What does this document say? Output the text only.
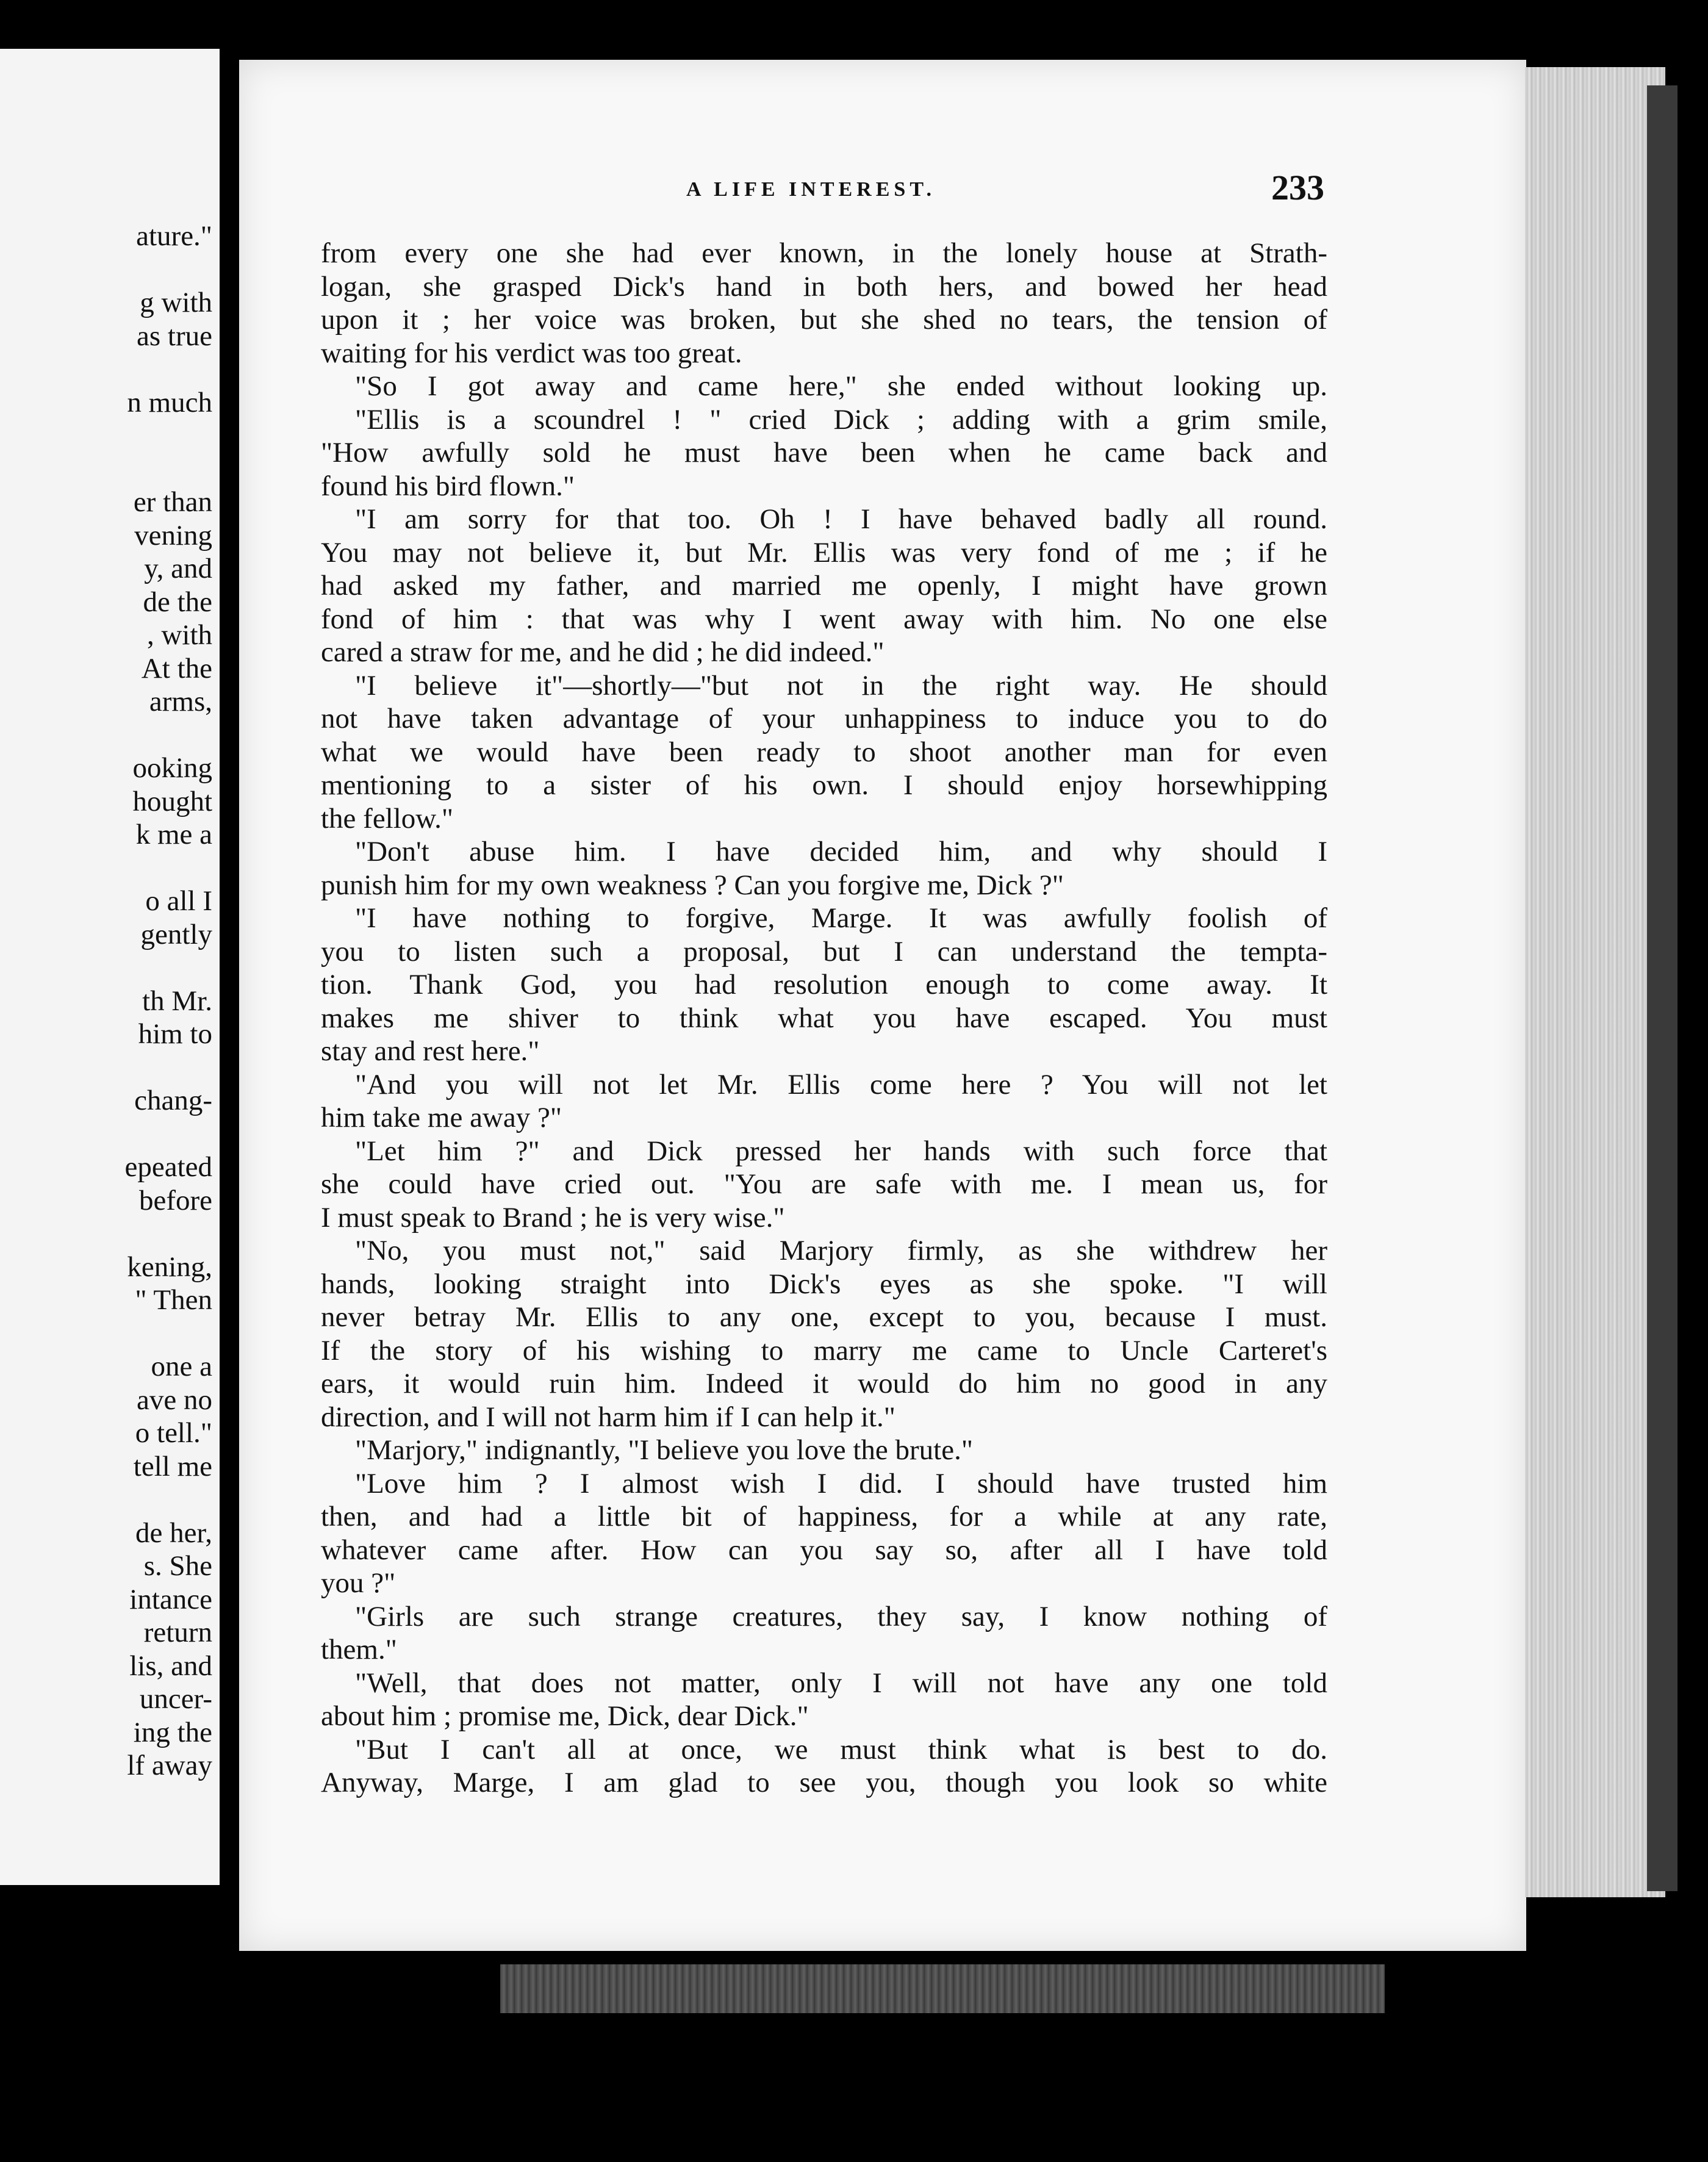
ature."
g with
as true
n much
er than
vening
y, and
de the
, with
At the
arms,
ooking
hought
k me a
o all I
gently
th Mr.
him to
chang-
epeated
before
kening,
" Then
one a
ave no
o tell."
tell me
de her,
s. She
intance
return
lis, and
uncer-
ing the
lf away
A LIFE INTEREST.	233
from every one she had ever known, in the lonely house at Strath-
logan, she grasped Dick's hand in both hers, and bowed her head
upon it ; her voice was broken, but she shed no tears, the tension of
waiting for his verdict was too great.
"So I got away and came here," she ended without looking up.
"Ellis is a scoundrel ! " cried Dick ; adding with a grim smile,
"How awfully sold he must have been when he came back and
found his bird flown."
"I am sorry for that too. Oh ! I have behaved badly all round.
You may not believe it, but Mr. Ellis was very fond of me ; if he
had asked my father, and married me openly, I might have grown
fond of him : that was why I went away with him. No one else
cared a straw for me, and he did ; he did indeed."
"I believe it"—shortly—"but not in the right way. He should
not have taken advantage of your unhappiness to induce you to do
what we would have been ready to shoot another man for even
mentioning to a sister of his own. I should enjoy horsewhipping
the fellow."
"Don't abuse him. I have decided him, and why should I
punish him for my own weakness ? Can you forgive me, Dick ?"
"I have nothing to forgive, Marge. It was awfully foolish of
you to listen such a proposal, but I can understand the tempta-
tion. Thank God, you had resolution enough to come away. It
makes me shiver to think what you have escaped. You must
stay and rest here."
"And you will not let Mr. Ellis come here ? You will not let
him take me away ?"
"Let him ?" and Dick pressed her hands with such force that
she could have cried out. "You are safe with me. I mean us, for
I must speak to Brand ; he is very wise."
"No, you must not," said Marjory firmly, as she withdrew her
hands, looking straight into Dick's eyes as she spoke. "I will
never betray Mr. Ellis to any one, except to you, because I must.
If the story of his wishing to marry me came to Uncle Carteret's
ears, it would ruin him. Indeed it would do him no good in any
direction, and I will not harm him if I can help it."
"Marjory," indignantly, "I believe you love the brute."
"Love him ? I almost wish I did. I should have trusted him
then, and had a little bit of happiness, for a while at any rate,
whatever came after. How can you say so, after all I have told
you ?"
"Girls are such strange creatures, they say, I know nothing of
them."
"Well, that does not matter, only I will not have any one told
about him ; promise me, Dick, dear Dick."
"But I can't all at once, we must think what is best to do.
Anyway, Marge, I am glad to see you, though you look so white
